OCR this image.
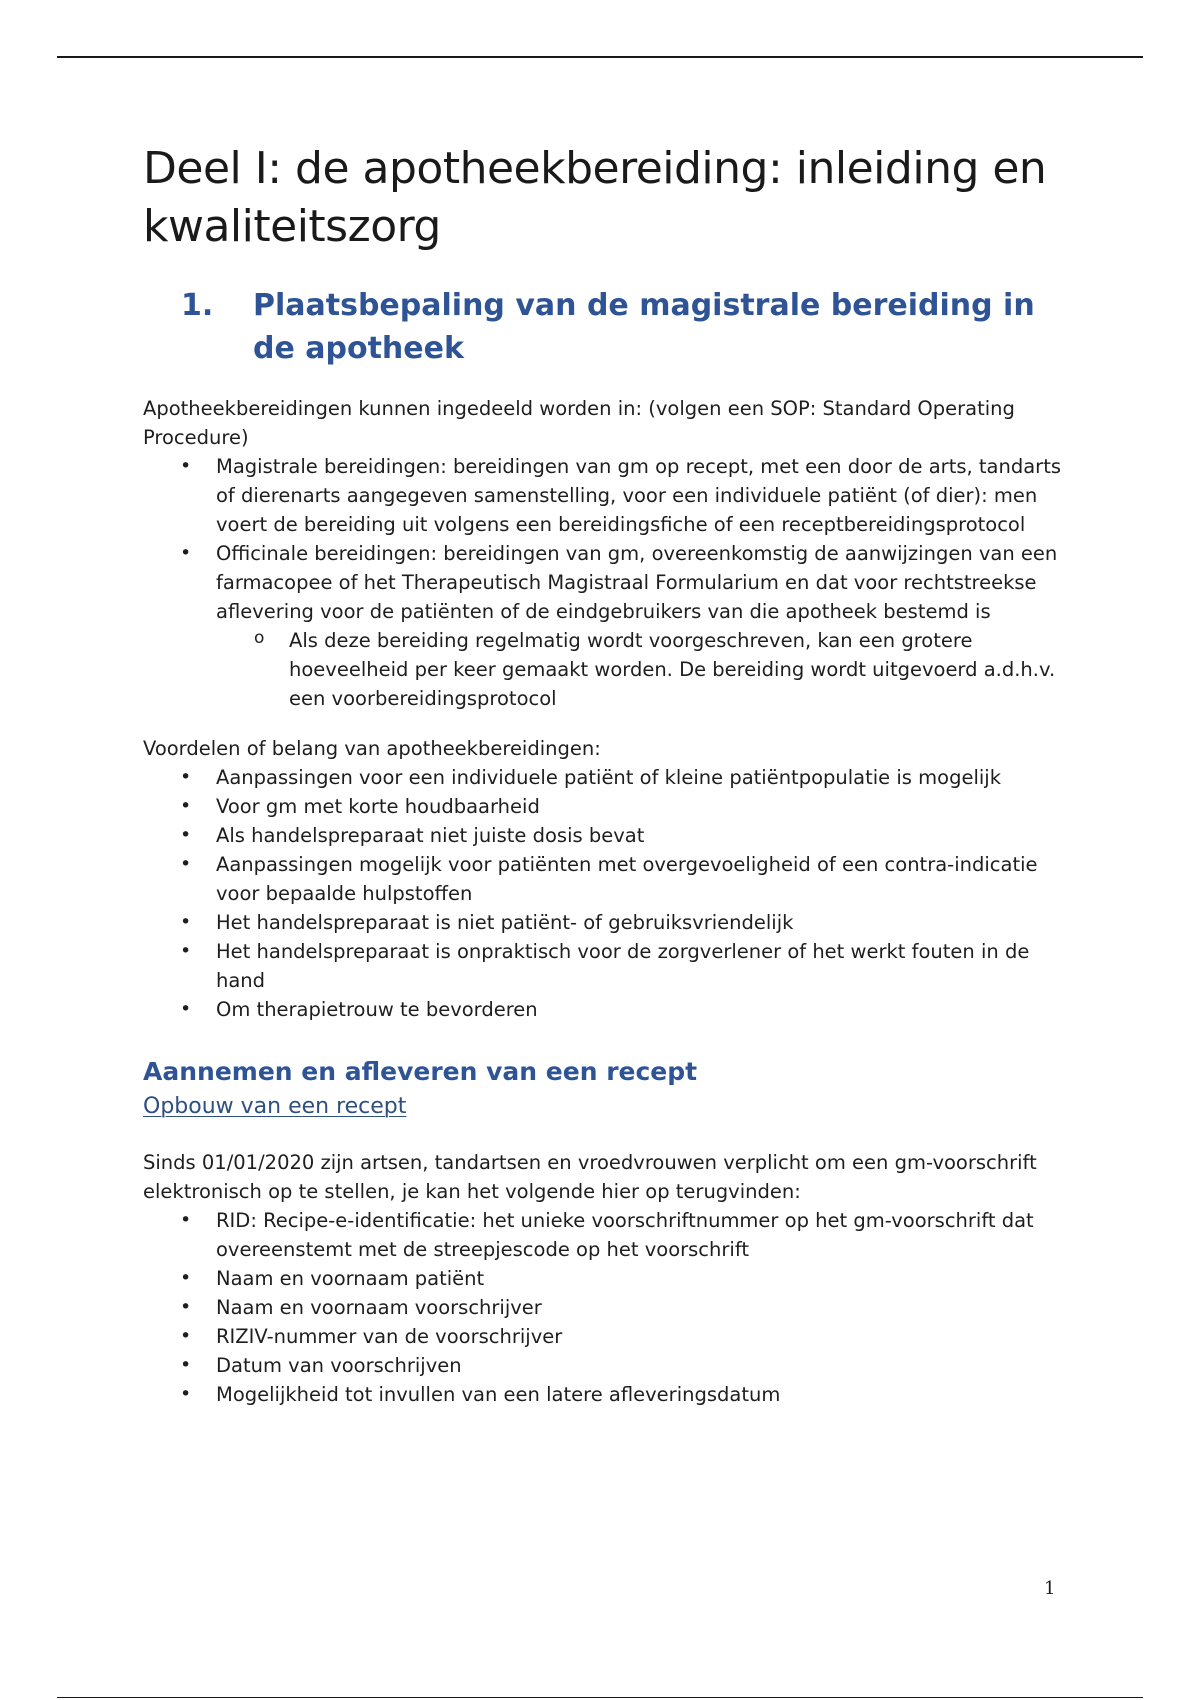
Deel I: de apotheekbereiding: inleiding en kwaliteitszorg
1.	Plaatsbepaling van de magistrale bereiding in de apotheek

Apotheekbereidingen kunnen ingedeeld worden in: (volgen een SOP: Standard Operating Procedure)

• Magistrale bereidingen: bereidingen van gm op recept, met een door de arts, tandarts of dierenarts aangegeven samenstelling, voor een individuele patiënt (of dier): men voert de bereiding uit volgens een bereidingsfiche of een receptbereidingsprotocol
• Officinale bereidingen: bereidingen van gm, overeenkomstig de aanwijzingen van een farmacopee of het Therapeutisch Magistraal Formularium en dat voor rechtstreekse aflevering voor de patiënten of de eindgebruikers van die apotheek bestemd is
o Als deze bereiding regelmatig wordt voorgeschreven, kan een grotere hoeveelheid per keer gemaakt worden. De bereiding wordt uitgevoerd a.d.h.v. een voorbereidingsprotocol

Voordelen of belang van apotheekbereidingen:

• Aanpassingen voor een individuele patiënt of kleine patiëntpopulatie is mogelijk
• Voor gm met korte houdbaarheid
• Als handelspreparaat niet juiste dosis bevat
• Aanpassingen mogelijk voor patiënten met overgevoeligheid of een contra-indicatie voor bepaalde hulpstoffen
• Het handelspreparaat is niet patiënt- of gebruiksvriendelijk
• Het handelspreparaat is onpraktisch voor de zorgverlener of het werkt fouten in de hand
• Om therapietrouw te bevorderen
Aannemen en afleveren van een recept
Opbouw van een recept

Sinds 01/01/2020 zijn artsen, tandartsen en vroedvrouwen verplicht om een gm-voorschrift elektronisch op te stellen, je kan het volgende hier op terugvinden:

• RID: Recipe-e-identificatie: het unieke voorschriftnummer op het gm-voorschrift dat overeenstemt met de streepjescode op het voorschrift
• Naam en voornaam patiënt
• Naam en voornaam voorschrijver
• RIZIV-nummer van de voorschrijver
• Datum van voorschrijven
• Mogelijkheid tot invullen van een latere afleveringsdatum
1
